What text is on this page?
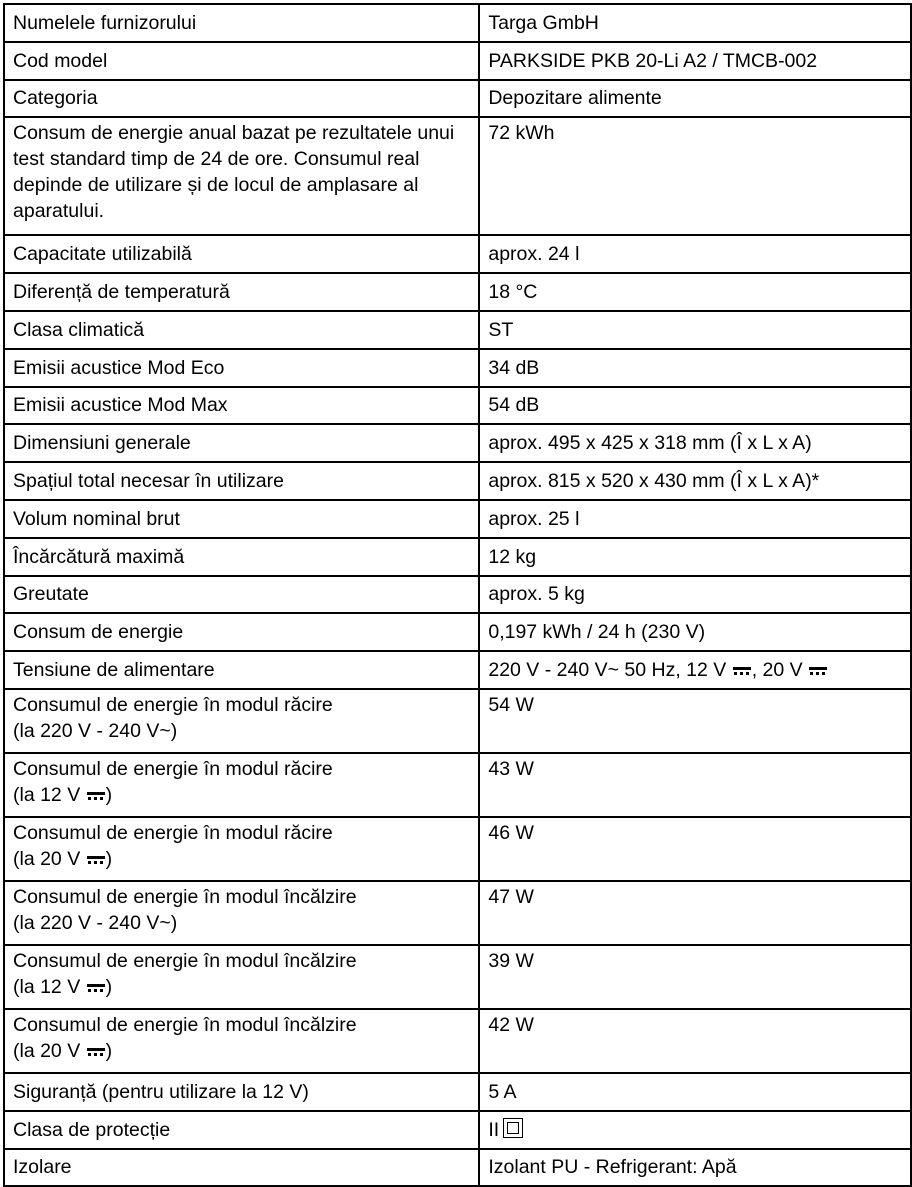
Numelele furnizorului	Targa GmbH
Cod model	PARKSIDE PKB 20-Li A2 / TMCB-002
Categoria	Depozitare alimente
Consum de energie anual bazat pe rezultatele unui test standard timp de 24 de ore. Consumul real depinde de utilizare și de locul de amplasare al aparatului.	72 kWh
Capacitate utilizabilă	aprox. 24 l
Diferență de temperatură	18 °C
Clasa climatică	ST
Emisii acustice Mod Eco	34 dB
Emisii acustice Mod Max	54 dB
Dimensiuni generale	aprox. 495 x 425 x 318 mm (Î x L x A)
Spațiul total necesar în utilizare	aprox. 815 x 520 x 430 mm (Î x L x A)*
Volum nominal brut	aprox. 25 l
Încărcătură maximă	12 kg
Greutate	aprox. 5 kg
Consum de energie	0,197 kWh / 24 h (230 V)
Tensiune de alimentare	220 V - 240 V~ 50 Hz, 12 V , 20 V
Consumul de energie în modul răcire
(la 220 V - 240 V~)	54 W
Consumul de energie în modul răcire
(la 12 V )	43 W
Consumul de energie în modul răcire
(la 20 V )	46 W
Consumul de energie în modul încălzire
(la 220 V - 240 V~)	47 W
Consumul de energie în modul încălzire
(la 12 V )	39 W
Consumul de energie în modul încălzire
(la 20 V )	42 W
Siguranță (pentru utilizare la 12 V)	5 A
Clasa de protecție	II
Izolare	Izolant PU - Refrigerant: Apă
